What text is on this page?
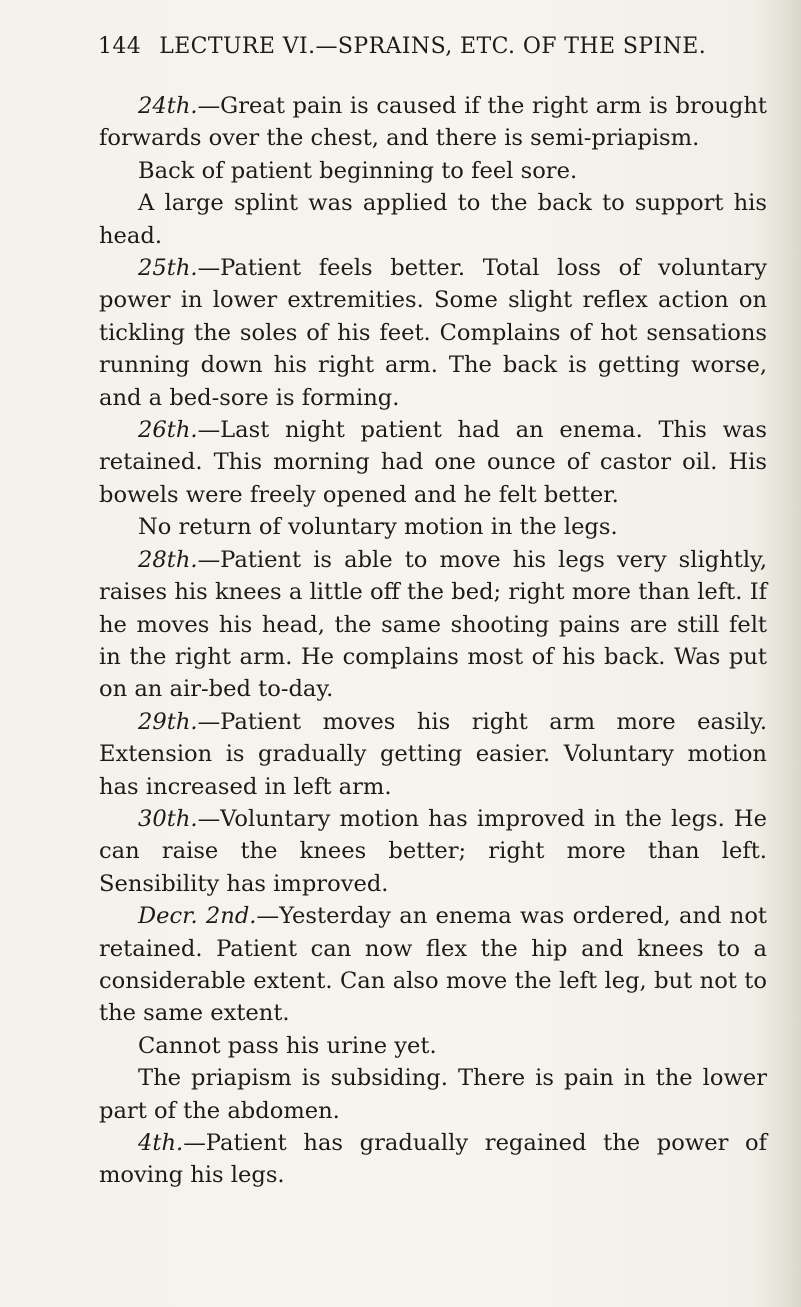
144 LECTURE VI.—SPRAINS, ETC. OF THE SPINE.

24th.—Great pain is caused if the right arm is brought forwards over the chest, and there is semi-priapism.

Back of patient beginning to feel sore.

A large splint was applied to the back to support his head.

25th.—Patient feels better. Total loss of voluntary power in lower extremities. Some slight reflex action on tickling the soles of his feet. Complains of hot sensations running down his right arm. The back is getting worse, and a bed-sore is forming.

26th.—Last night patient had an enema. This was retained. This morning had one ounce of castor oil. His bowels were freely opened and he felt better.

No return of voluntary motion in the legs.

28th.—Patient is able to move his legs very slightly, raises his knees a little off the bed; right more than left. If he moves his head, the same shooting pains are still felt in the right arm. He complains most of his back. Was put on an air-bed to-day.

29th.—Patient moves his right arm more easily. Extension is gradually getting easier. Voluntary motion has increased in left arm.

30th.—Voluntary motion has improved in the legs. He can raise the knees better; right more than left. Sensibility has improved.

Decr. 2nd.—Yesterday an enema was ordered, and not retained. Patient can now flex the hip and knees to a considerable extent. Can also move the left leg, but not to the same extent.

Cannot pass his urine yet.

The priapism is subsiding. There is pain in the lower part of the abdomen.

4th.—Patient has gradually regained the power of moving his legs.
